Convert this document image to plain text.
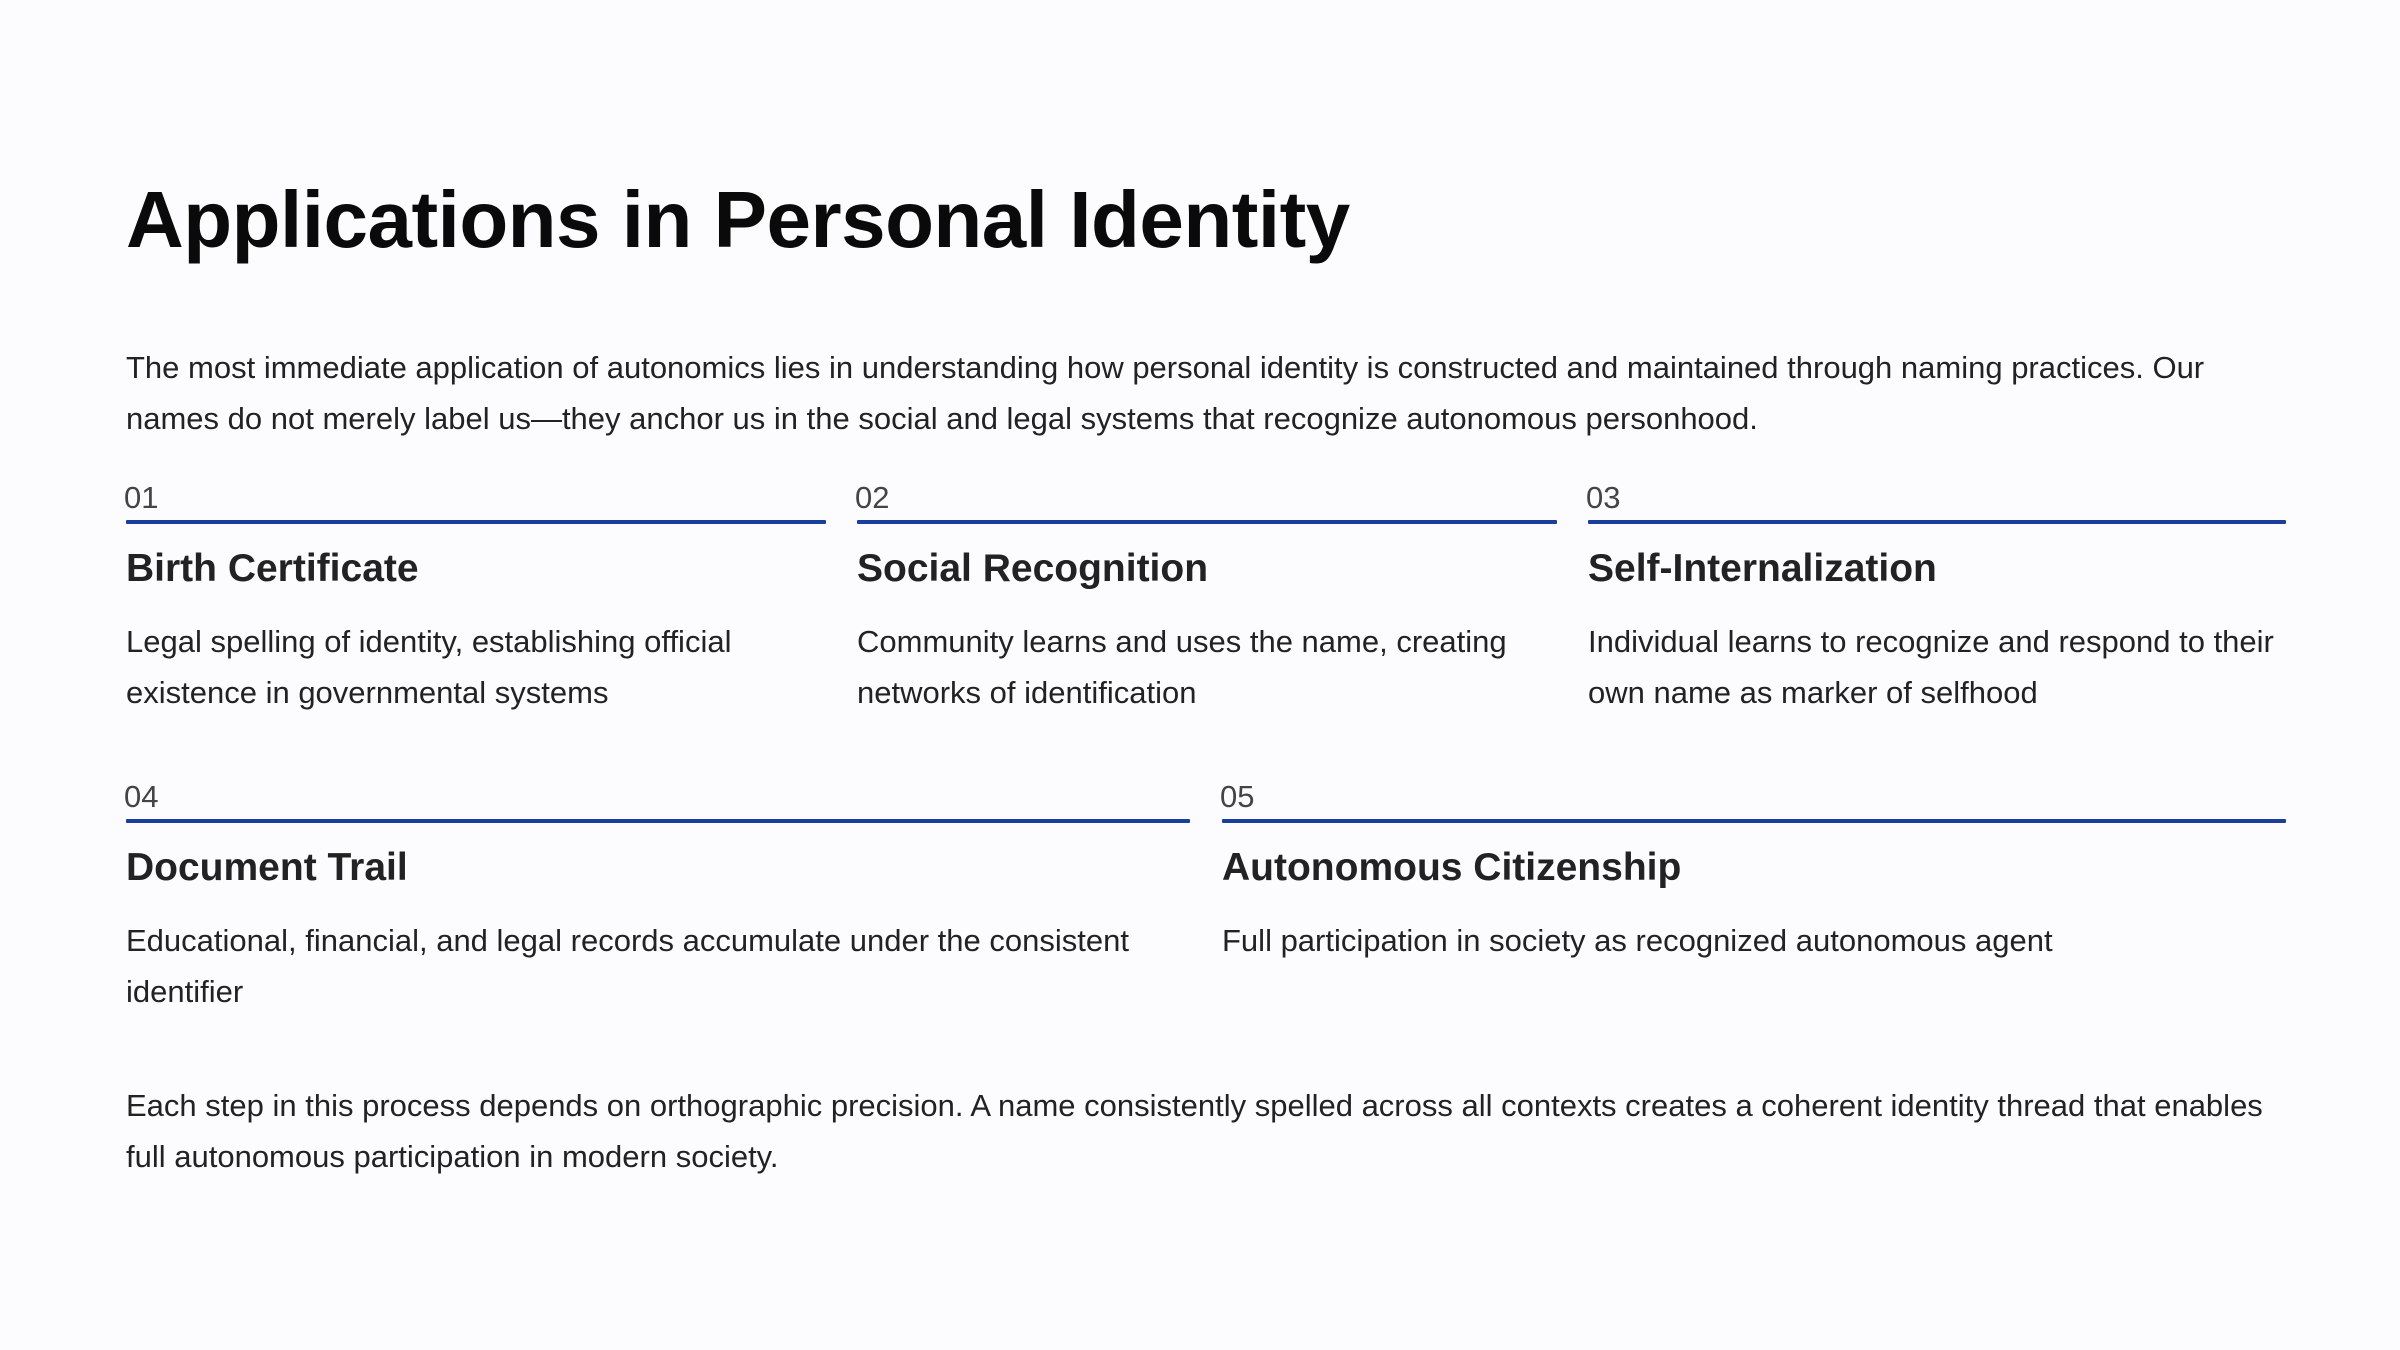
Applications in Personal Identity

The most immediate application of autonomics lies in understanding how personal identity is constructed and maintained through naming practices. Our names do not merely label us—they anchor us in the social and legal systems that recognize autonomous personhood.

01
Birth Certificate

Legal spelling of identity, establishing official existence in governmental systems

02
Social Recognition

Community learns and uses the name, creating networks of identification

03
Self-Internalization

Individual learns to recognize and respond to their own name as marker of selfhood

04
Document Trail

Educational, financial, and legal records accumulate under the consistent identifier

05
Autonomous Citizenship

Full participation in society as recognized autonomous agent

Each step in this process depends on orthographic precision. A name consistently spelled across all contexts creates a coherent identity thread that enables full autonomous participation in modern society.
